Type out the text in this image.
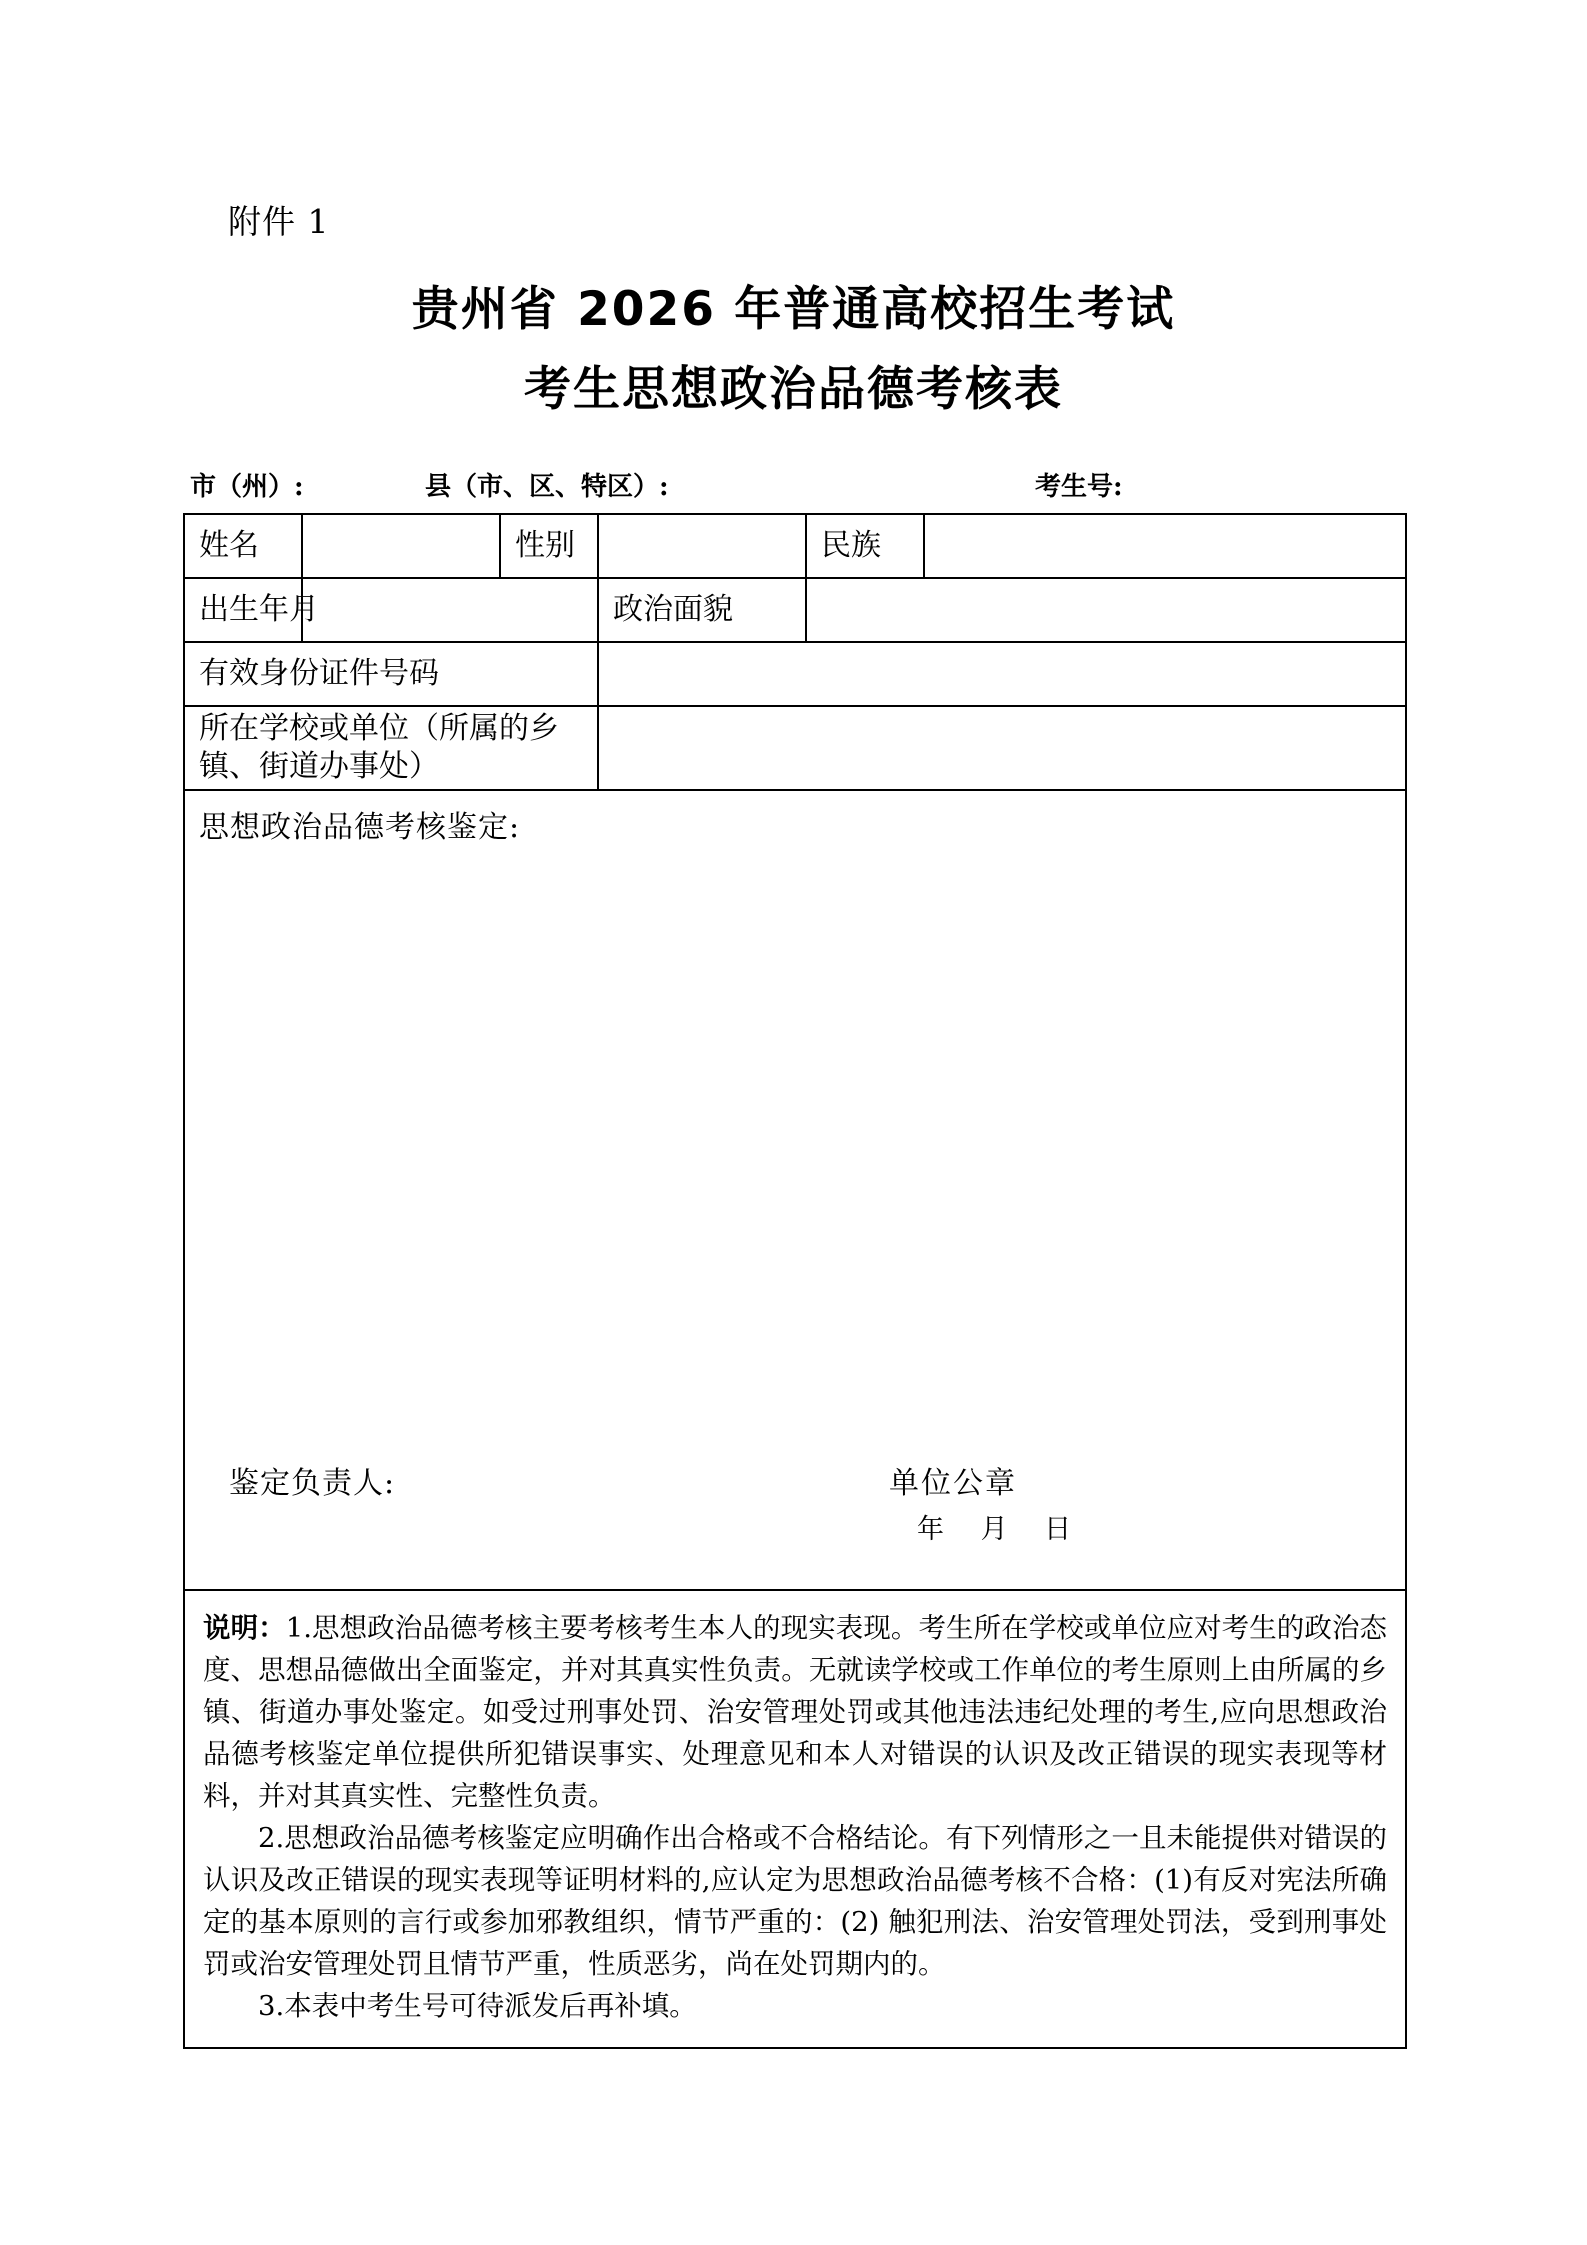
附件 1
贵州省 2026 年普通高校招生考试
考生思想政治品德考核表
市（州）:	县（市、区、特区）:	考生号:
姓名		性别		民族	
出生年月			政治面貌		
有效身份证件号码					
所在学校或单位（所属的乡镇、街道办事处）					

思想政治品德考核鉴定:
鉴定负责人: 单位公章
年 月 日					

说明：1.思想政治品德考核主要考核考生本人的现实表现。考生所在学校或单位应对考生的政治态度、思想品德做出全面鉴定，并对其真实性负责。无就读学校或工作单位的考生原则上由所属的乡镇、街道办事处鉴定。如受过刑事处罚、治安管理处罚或其他违法违纪处理的考生,应向思想政治品德考核鉴定单位提供所犯错误事实、处理意见和本人对错误的认识及改正错误的现实表现等材料，并对其真实性、完整性负责。

2.思想政治品德考核鉴定应明确作出合格或不合格结论。有下列情形之一且未能提供对错误的认识及改正错误的现实表现等证明材料的,应认定为思想政治品德考核不合格：(1)有反对宪法所确定的基本原则的言行或参加邪教组织，情节严重的：(2) 触犯刑法、治安管理处罚法，受到刑事处罚或治安管理处罚且情节严重，性质恶劣，尚在处罚期内的。

3.本表中考生号可待派发后再补填。					
